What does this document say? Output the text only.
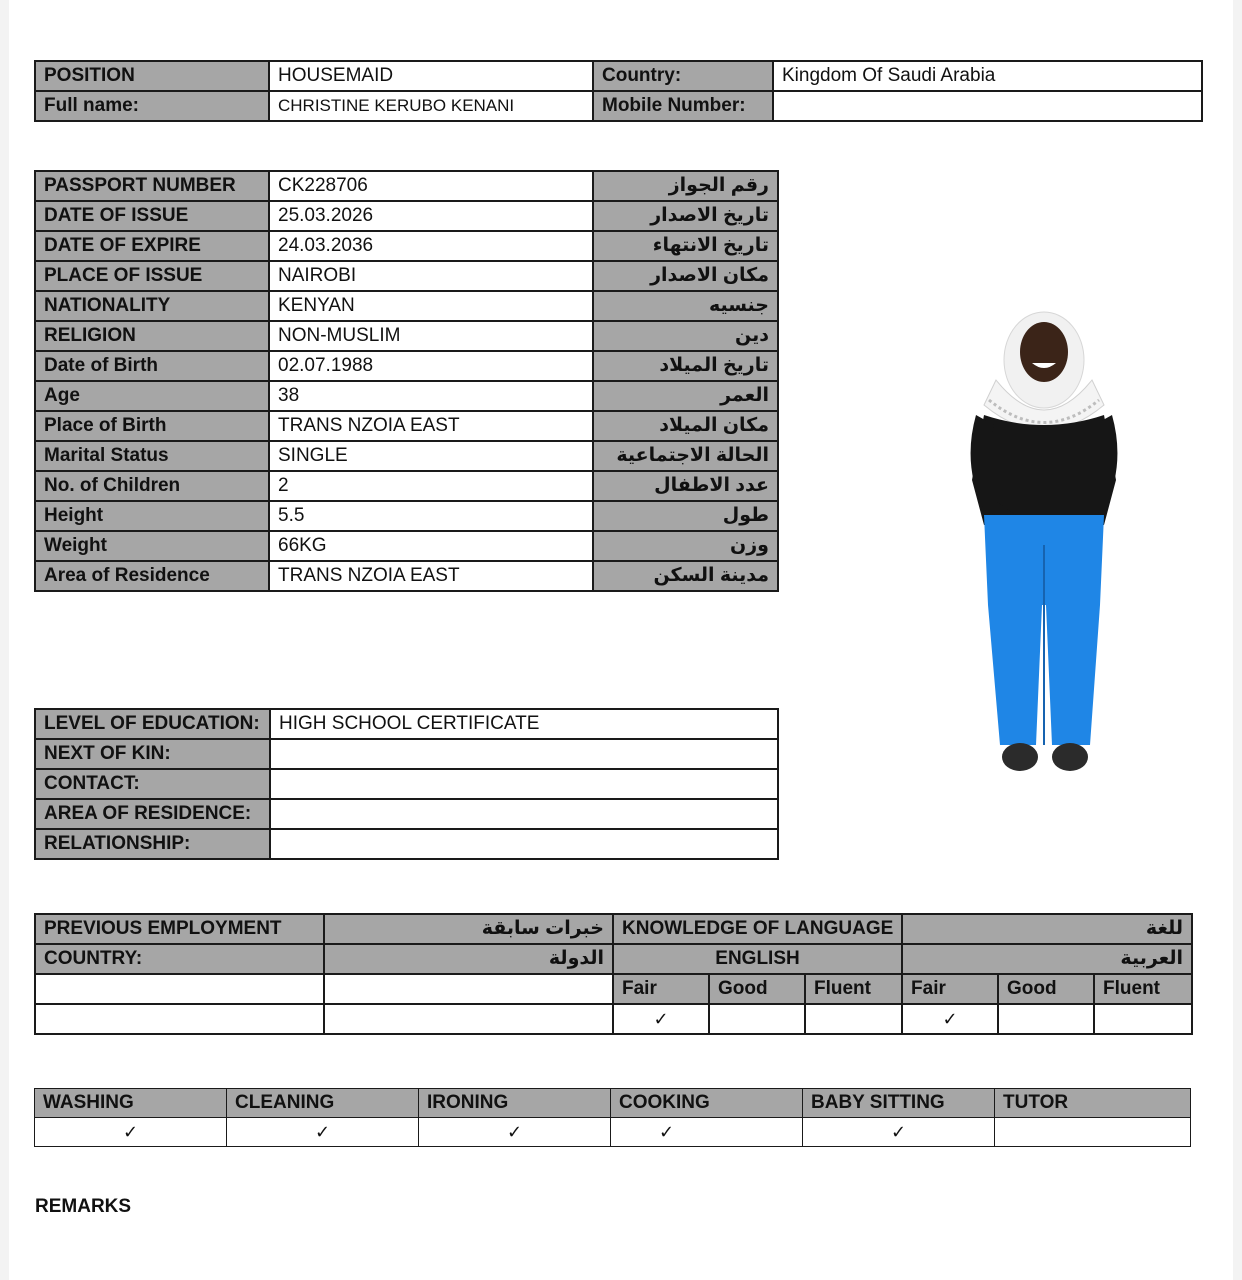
POSITION	HOUSEMAID	Country:	Kingdom Of Saudi Arabia
Full name:	CHRISTINE KERUBO KENANI	Mobile Number:	
PASSPORT NUMBER	CK228706	رقم الجواز
DATE OF ISSUE	25.03.2026	تاريخ الاصدار
DATE OF EXPIRE	24.03.2036	تاريخ الانتهاء
PLACE OF ISSUE	NAIROBI	مكان الاصدار
NATIONALITY	KENYAN	جنسيه
RELIGION	NON-MUSLIM	دين
Date of Birth	02.07.1988	تاريخ الميلاد
Age	38	العمر
Place of Birth	TRANS NZOIA EAST	مكان الميلاد
Marital Status	SINGLE	الحالة الاجتماعية
No. of Children	2	عدد الاطفال
Height	5.5	طول
Weight	66KG	وزن
Area of Residence	TRANS NZOIA EAST	مدينة السكن
LEVEL OF EDUCATION:	HIGH SCHOOL CERTIFICATE
NEXT OF KIN:	
CONTACT:	
AREA OF RESIDENCE:	
RELATIONSHIP:	
PREVIOUS EMPLOYMENT	خبرات سابقة	KNOWLEDGE OF LANGUAGE			للغة		
COUNTRY:	الدولة	ENGLISH			العربية		
		Fair	Good	Fluent	Fair	Good	Fluent
		✓			✓		
WASHING	CLEANING	IRONING	COOKING	BABY SITTING	TUTOR
✓	✓	✓	✓	✓	
REMARKS
